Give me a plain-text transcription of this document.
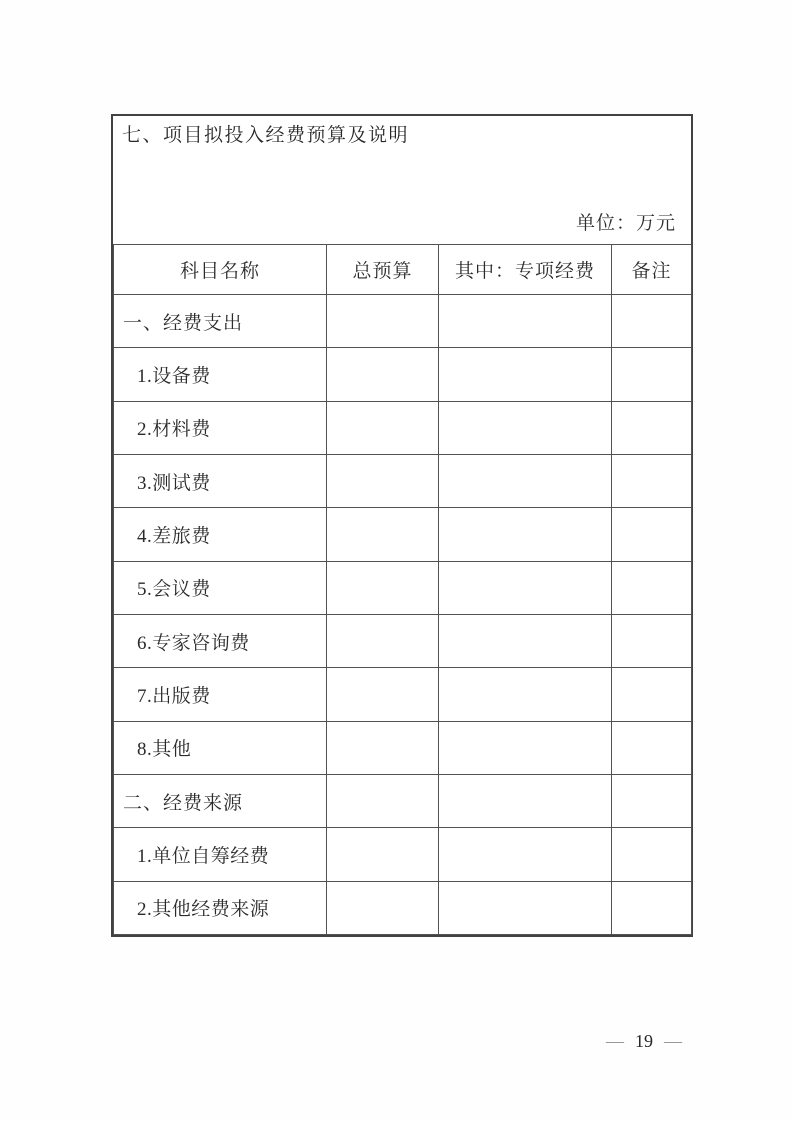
七、项目拟投入经费预算及说明
单位：万元
科目名称	总预算	其中：专项经费	备注
一、经费支出			
1.设备费			
2.材料费			
3.测试费			
4.差旅费			
5.会议费			
6.专家咨询费			
7.出版费			
8.其他			
二、经费来源			
1.单位自筹经费			
2.其他经费来源			
— 19 —
